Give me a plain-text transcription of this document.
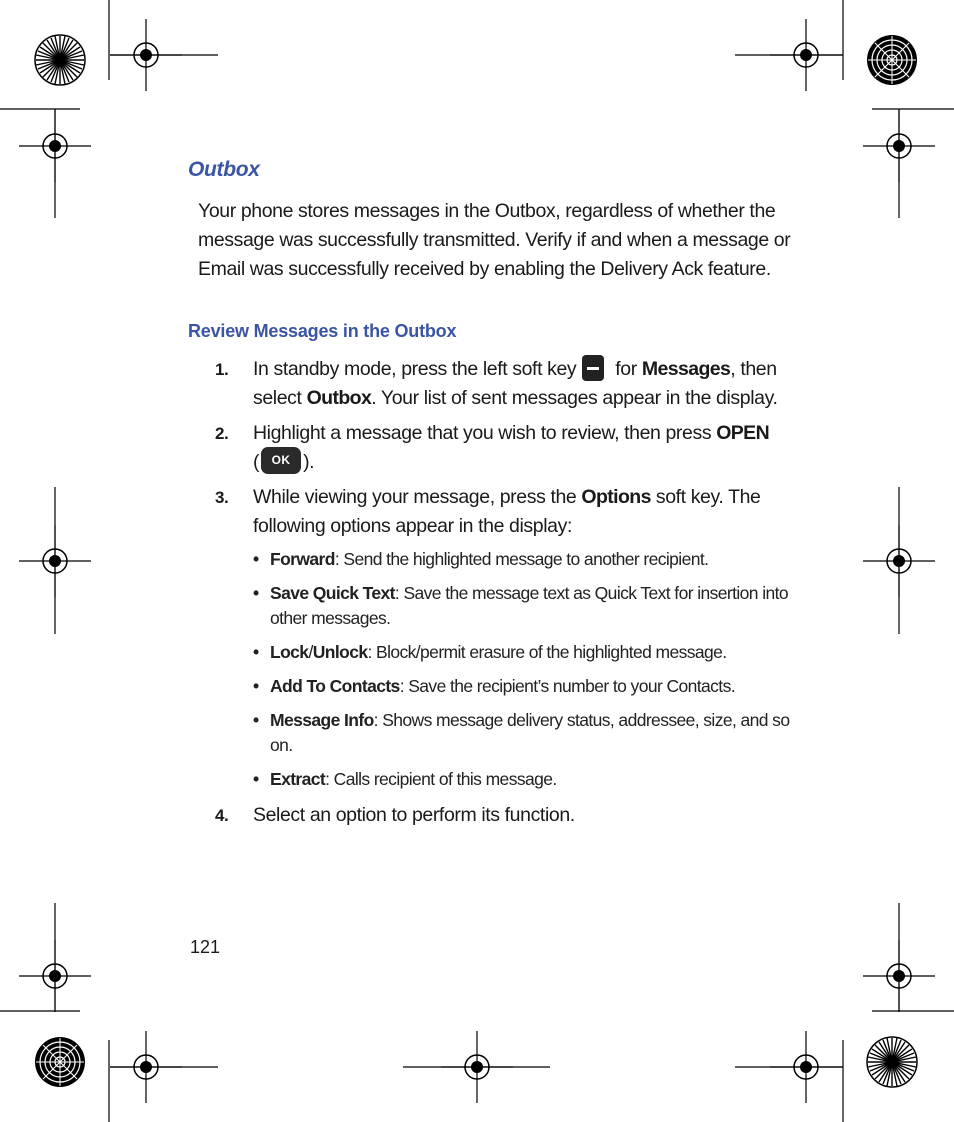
Outbox
Your phone stores messages in the Outbox, regardless of whether the message was successfully transmitted. Verify if and when a message or Email was successfully received by enabling the Delivery Ack feature.
Review Messages in the Outbox
1. In standby mode, press the left soft key for Messages, then select Outbox. Your list of sent messages appear in the display.
2. Highlight a message that you wish to review, then press OPEN
( OK ).
3. While viewing your message, press the Options soft key. The following options appear in the display:
• Forward: Send the highlighted message to another recipient.
• Save Quick Text: Save the message text as Quick Text for insertion into other messages.
• Lock/Unlock: Block/permit erasure of the highlighted message.
• Add To Contacts: Save the recipient’s number to your Contacts.
• Message Info: Shows message delivery status, addressee, size, and so on.
• Extract: Calls recipient of this message.
4. Select an option to perform its function.
121
